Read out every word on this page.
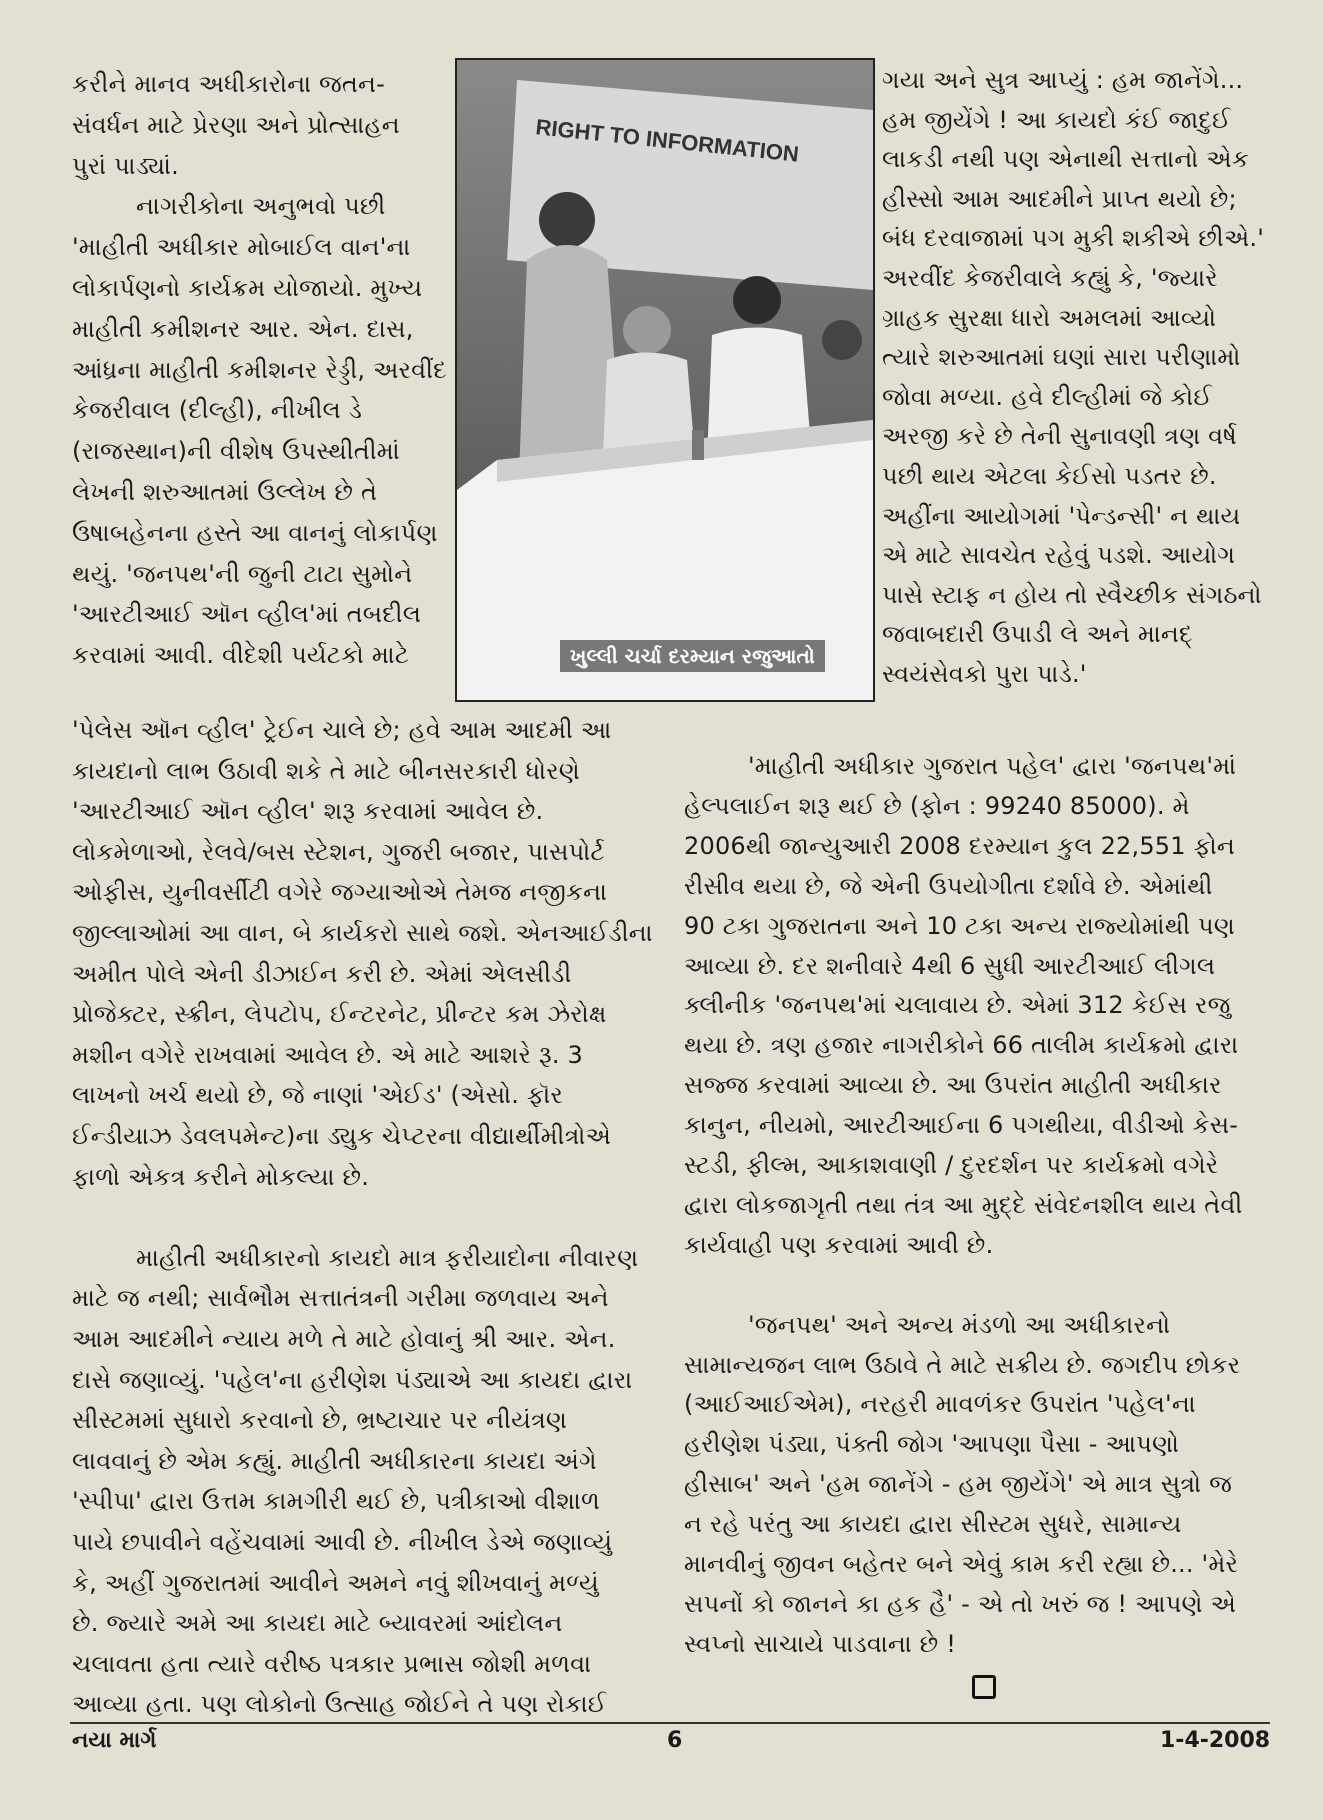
કરીને માનવ અધીકારોના જતન-
સંવર્ધન માટે પ્રેરણા અને પ્રોત્સાહન
પુરાં પાડ્યાં.
નાગરીકોના અનુભવો પછી
'માહીતી અધીકાર મોબાઈલ વાન'ના
લોકાર્પણનો કાર્યક્રમ યોજાયો. મુખ્ય
માહીતી કમીશનર આર. એન. દાસ,
આંધ્રના માહીતી કમીશનર રેડ્ડી, અરવીંદ
કેજરીવાલ (દીલ્હી), નીખીલ ડે
(રાજસ્થાન)ની વીશેષ ઉપસ્થીતીમાં
લેખની શરુઆતમાં ઉલ્લેખ છે તે
ઉષાબહેનના હસ્તે આ વાનનું લોકાર્પણ
થયું. 'જનપથ'ની જુની ટાટા સુમોને
'આરટીઆઈ ઑન વ્હીલ'માં તબદીલ
કરવામાં આવી. વીદેશી પર્યટકો માટે
ગયા અને સુત્ર આપ્યું : હમ જાનેંગે...
હમ જીયેંગે ! આ કાયદો કંઈ જાદુઈ
લાકડી નથી પણ એનાથી સત્તાનો એક
હીસ્સો આમ આદમીને પ્રાપ્ત થયો છે;
બંધ દરવાજામાં પગ મુકી શકીએ છીએ.'
અરવીંદ કેજરીવાલે કહ્યું કે, 'જ્યારે
ગ્રાહક સુરક્ષા ધારો અમલમાં આવ્યો
ત્યારે શરુઆતમાં ઘણાં સારા પરીણામો
જોવા મળ્યા. હવે દીલ્હીમાં જે કોઈ
અરજી કરે છે તેની સુનાવણી ત્રણ વર્ષ
પછી થાય એટલા કેઈસો પડતર છે.
અહીંના આયોગમાં 'પેન્ડન્સી' ન થાય
એ માટે સાવચેત રહેવું પડશે. આયોગ
પાસે સ્ટાફ ન હોય તો સ્વૈચ્છીક સંગઠનો
જવાબદારી ઉપાડી લે અને માનદ્
સ્વયંસેવકો પુરા પાડે.'
RIGHT TO INFORMATION
ખુલ્લી ચર્ચા દરમ્યાન રજુઆતો
'પેલેસ ઑન વ્હીલ' ટ્રેઈન ચાલે છે; હવે આમ આદમી આ
કાયદાનો લાભ ઉઠાવી શકે તે માટે બીનસરકારી ધોરણે
'આરટીઆઈ ઑન વ્હીલ' શરૂ કરવામાં આવેલ છે.
લોકમેળાઓ, રેલવે/બસ સ્ટેશન, ગુજરી બજાર, પાસપોર્ટ
ઓફીસ, યુનીવર્સીટી વગેરે જગ્યાઓએ તેમજ નજીકના
જીલ્લાઓમાં આ વાન, બે કાર્યકરો સાથે જશે. એનઆઈડીના
અમીત પોલે એની ડીઝાઈન કરી છે. એમાં એલસીડી
પ્રોજેક્ટર, સ્ક્રીન, લેપટોપ, ઈન્ટરનેટ, પ્રીન્ટર કમ ઝેરોક્ષ
મશીન વગેરે રાખવામાં આવેલ છે. એ માટે આશરે રૂ. 3
લાખનો ખર્ચ થયો છે, જે નાણાં 'એઈડ' (એસો. ફૉર
ઈન્ડીયાઝ ડેવલપમેન્ટ)ના ડ્યુક ચેપ્ટરના વીદ્યાર્થીમીત્રોએ
ફાળો એકત્ર કરીને મોકલ્યા છે.
માહીતી અધીકારનો કાયદો માત્ર ફરીયાદોના નીવારણ
માટે જ નથી; સાર્વભૌમ સત્તાતંત્રની ગરીમા જળવાય અને
આમ આદમીને ન્યાય મળે તે માટે હોવાનું શ્રી આર. એન.
દાસે જણાવ્યું. 'પહેલ'ના હરીણેશ પંડ્યાએ આ કાયદા દ્વારા
સીસ્ટમમાં સુધારો કરવાનો છે, ભ્રષ્ટાચાર પર નીયંત્રણ
લાવવાનું છે એમ કહ્યું. માહીતી અધીકારના કાયદા અંગે
'સ્પીપા' દ્વારા ઉત્તમ કામગીરી થઈ છે, પત્રીકાઓ વીશાળ
પાયે છપાવીને વહેંચવામાં આવી છે. નીખીલ ડેએ જણાવ્યું
કે, અહીં ગુજરાતમાં આવીને અમને નવું શીખવાનું મળ્યું
છે. જ્યારે અમે આ કાયદા માટે બ્યાવરમાં આંદોલન
ચલાવતા હતા ત્યારે વરીષ્ઠ પત્રકાર પ્રભાસ જોશી મળવા
આવ્યા હતા. પણ લોકોનો ઉત્સાહ જોઈને તે પણ રોકાઈ
'માહીતી અધીકાર ગુજરાત પહેલ' દ્વારા 'જનપથ'માં
હેલ્પલાઈન શરૂ થઈ છે (ફોન : 99240 85000). મે
2006થી જાન્યુઆરી 2008 દરમ્યાન કુલ 22,551 ફોન
રીસીવ થયા છે, જે એની ઉપયોગીતા દર્શાવે છે. એમાંથી
90 ટકા ગુજરાતના અને 10 ટકા અન્ય રાજ્યોમાંથી પણ
આવ્યા છે. દર શનીવારે 4થી 6 સુધી આરટીઆઈ લીગલ
ક્લીનીક 'જનપથ'માં ચલાવાય છે. એમાં 312 કેઈસ રજુ
થયા છે. ત્રણ હજાર નાગરીકોને 66 તાલીમ કાર્યક્રમો દ્વારા
સજ્જ કરવામાં આવ્યા છે. આ ઉપરાંત માહીતી અધીકાર
કાનુન, નીયમો, આરટીઆઈના 6 પગથીયા, વીડીઓ કેસ-
સ્ટડી, ફીલ્મ, આકાશવાણી / દુરદર્શન પર કાર્યક્રમો વગેરે
દ્વારા લોકજાગૃતી તથા તંત્ર આ મુદ્દે સંવેદનશીલ થાય તેવી
કાર્યવાહી પણ કરવામાં આવી છે.
'જનપથ' અને અન્ય મંડળો આ અધીકારનો
સામાન્યજન લાભ ઉઠાવે તે માટે સક્રીય છે. જગદીપ છોકર
(આઈઆઈએમ), નરહરી માવળંકર ઉપરાંત 'પહેલ'ના
હરીણેશ પંડ્યા, પંક્તી જોગ 'આપણા પૈસા - આપણો
હીસાબ' અને 'હમ જાનેંગે - હમ જીયેંગે' એ માત્ર સુત્રો જ
ન રહે પરંતુ આ કાયદા દ્વારા સીસ્ટમ સુધરે, સામાન્ય
માનવીનું જીવન બહેતર બને એવું કામ કરી રહ્યા છે... 'મેરે
સપનોં કો જાનને કા હક હૈ' - એ તો ખરું જ ! આપણે એ
સ્વપ્નો સાચાયે પાડવાના છે !
નયા માર્ગ	6	1-4-2008
